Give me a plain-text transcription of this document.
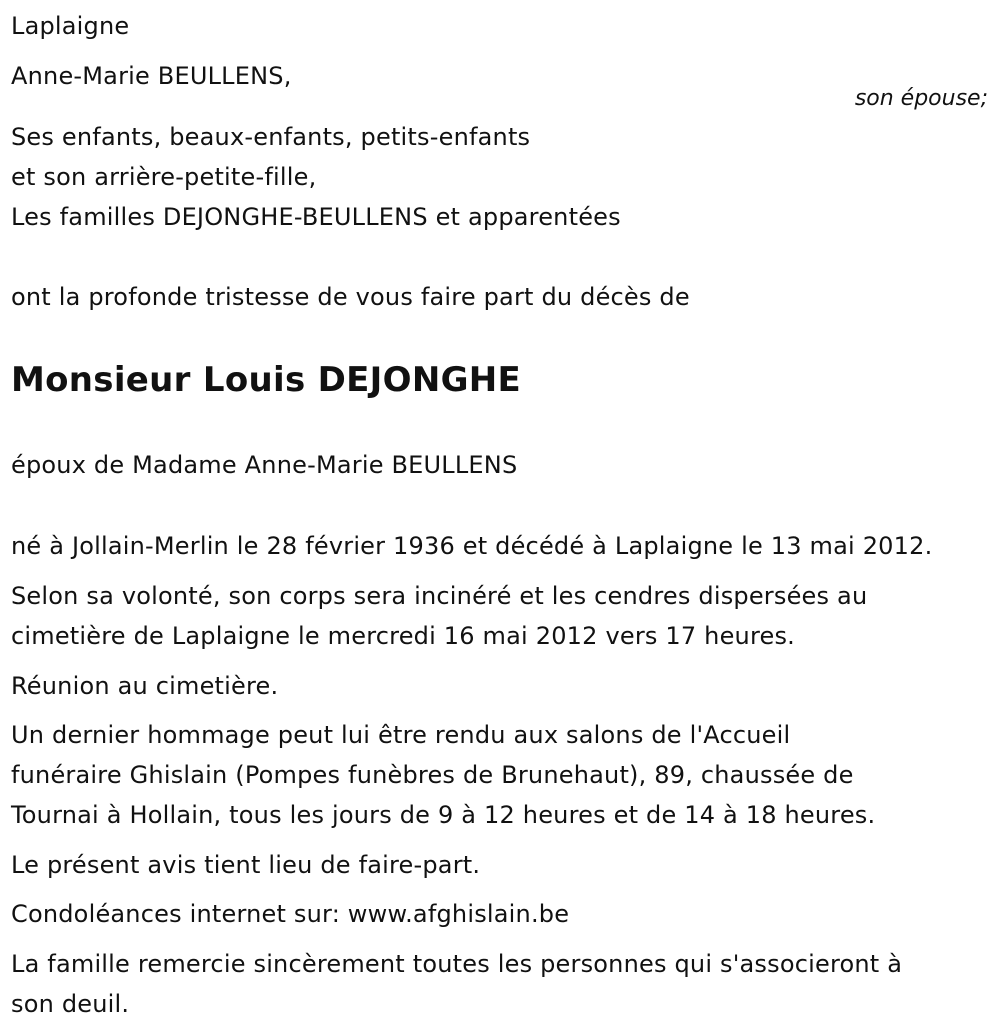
Laplaigne
Anne-Marie BEULLENS,
son épouse;
Ses enfants, beaux-enfants, petits-enfants
et son arrière-petite-fille,
Les familles DEJONGHE-BEULLENS et apparentées
ont la profonde tristesse de vous faire part du décès de
Monsieur Louis DEJONGHE
époux de Madame Anne-Marie BEULLENS
né à Jollain-Merlin le 28 février 1936 et décédé à Laplaigne le 13 mai 2012.
Selon sa volonté, son corps sera incinéré et les cendres dispersées au
cimetière de Laplaigne le mercredi 16 mai 2012 vers 17 heures.
Réunion au cimetière.
Un dernier hommage peut lui être rendu aux salons de l'Accueil
funéraire Ghislain (Pompes funèbres de Brunehaut), 89, chaussée de
Tournai à Hollain, tous les jours de 9 à 12 heures et de 14 à 18 heures.
Le présent avis tient lieu de faire-part.
Condoléances internet sur: www.afghislain.be
La famille remercie sincèrement toutes les personnes qui s'associeront à
son deuil.
